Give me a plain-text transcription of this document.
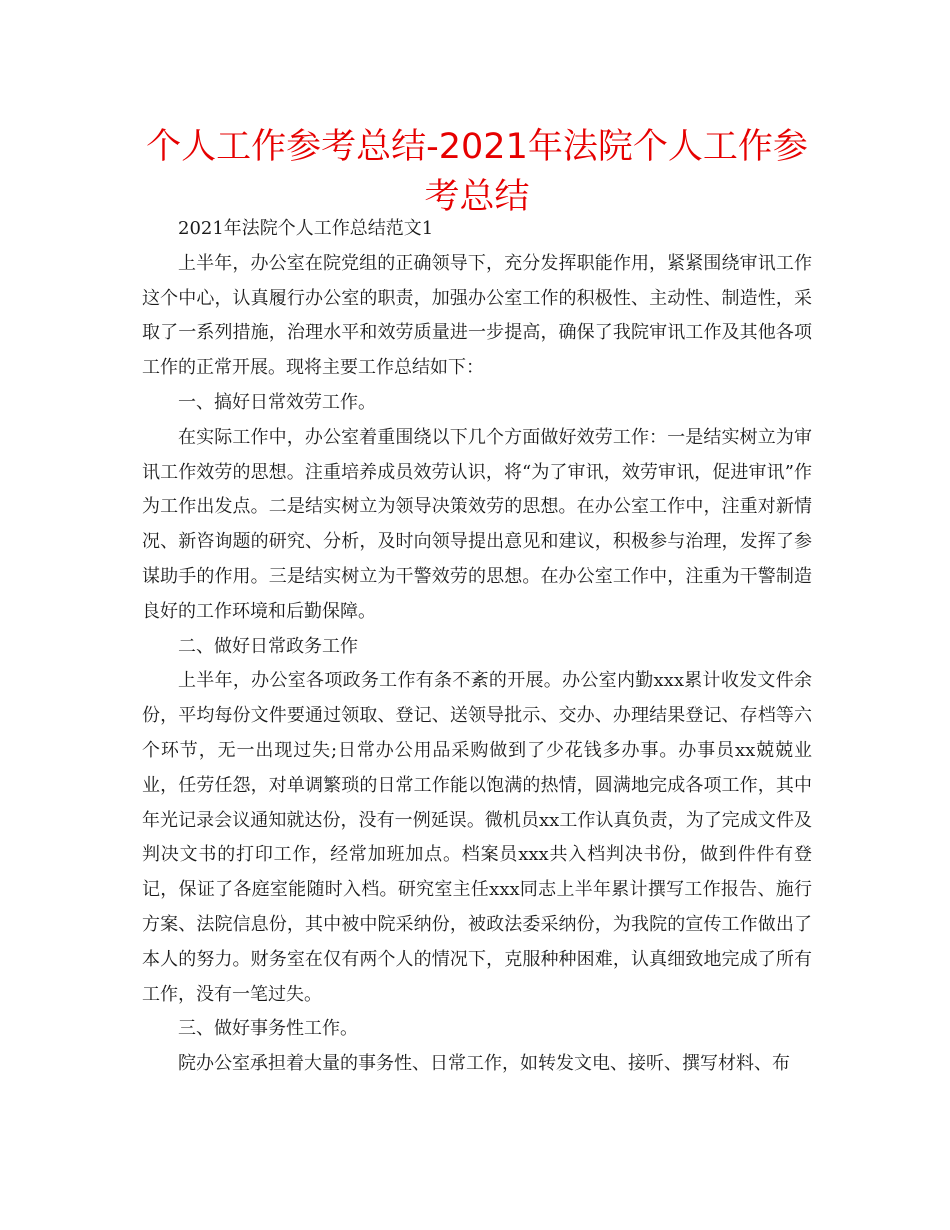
个人工作参考总结-2021年法院个人工作参考总结

2021年法院个人工作总结范文1

上半年，办公室在院党组的正确领导下，充分发挥职能作用，紧紧围绕审讯工作这个中心，认真履行办公室的职责，加强办公室工作的积极性、主动性、制造性，采取了一系列措施，治理水平和效劳质量进一步提高，确保了我院审讯工作及其他各项工作的正常开展。现将主要工作总结如下：

一、搞好日常效劳工作。

在实际工作中，办公室着重围绕以下几个方面做好效劳工作：一是结实树立为审讯工作效劳的思想。注重培养成员效劳认识，将“为了审讯，效劳审讯，促进审讯”作为工作出发点。二是结实树立为领导决策效劳的思想。在办公室工作中，注重对新情况、新咨询题的研究、分析，及时向领导提出意见和建议，积极参与治理，发挥了参谋助手的作用。三是结实树立为干警效劳的思想。在办公室工作中，注重为干警制造良好的工作环境和后勤保障。

二、做好日常政务工作

上半年，办公室各项政务工作有条不紊的开展。办公室内勤xxx累计收发文件余份，平均每份文件要通过领取、登记、送领导批示、交办、办理结果登记、存档等六个环节，无一出现过失;日常办公用品采购做到了少花钱多办事。办事员xx兢兢业业，任劳任怨，对单调繁琐的日常工作能以饱满的热情，圆满地完成各项工作，其中年光记录会议通知就达份，没有一例延误。微机员xx工作认真负责，为了完成文件及判决文书的打印工作，经常加班加点。档案员xxx共入档判决书份，做到件件有登记，保证了各庭室能随时入档。研究室主任xxx同志上半年累计撰写工作报告、施行方案、法院信息份，其中被中院采纳份，被政法委采纳份，为我院的宣传工作做出了本人的努力。财务室在仅有两个人的情况下，克服种种困难，认真细致地完成了所有工作，没有一笔过失。

三、做好事务性工作。

院办公室承担着大量的事务性、日常工作，如转发文电、接听、撰写材料、布
